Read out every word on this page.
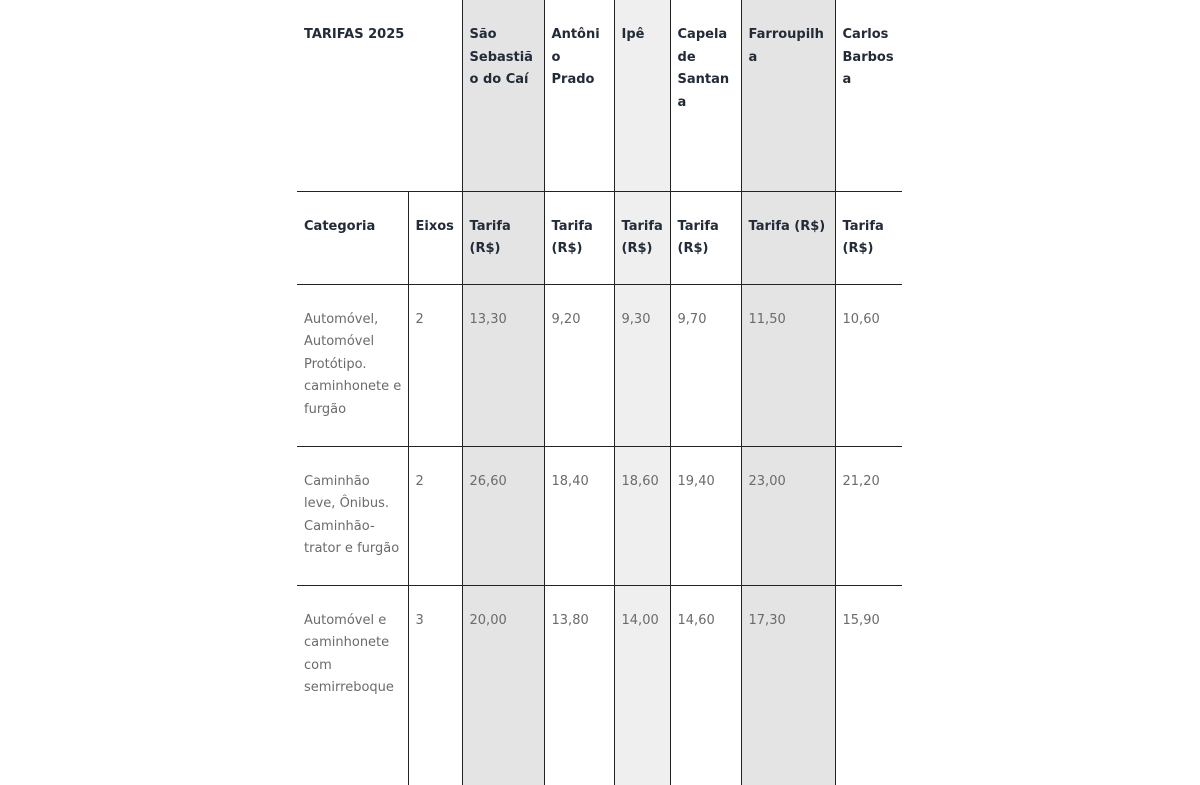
TARIFAS 2025		São Sebastião do Caí	Antônio Prado	Ipê	Capela de Santana	Farroupilha	Carlos Barbosa
Categoria	Eixos	Tarifa (R$)	Tarifa (R$)	Tarifa (R$)	Tarifa (R$)	Tarifa (R$)	Tarifa (R$)
Automóvel, Automóvel Protótipo. caminhonete e furgão	2	13,30	9,20	9,30	9,70	11,50	10,60
Caminhão leve, Ônibus. Caminhão-trator e furgão	2	26,60	18,40	18,60	19,40	23,00	21,20
Automóvel e caminhonete com semirreboque	3	20,00	13,80	14,00	14,60	17,30	15,90
